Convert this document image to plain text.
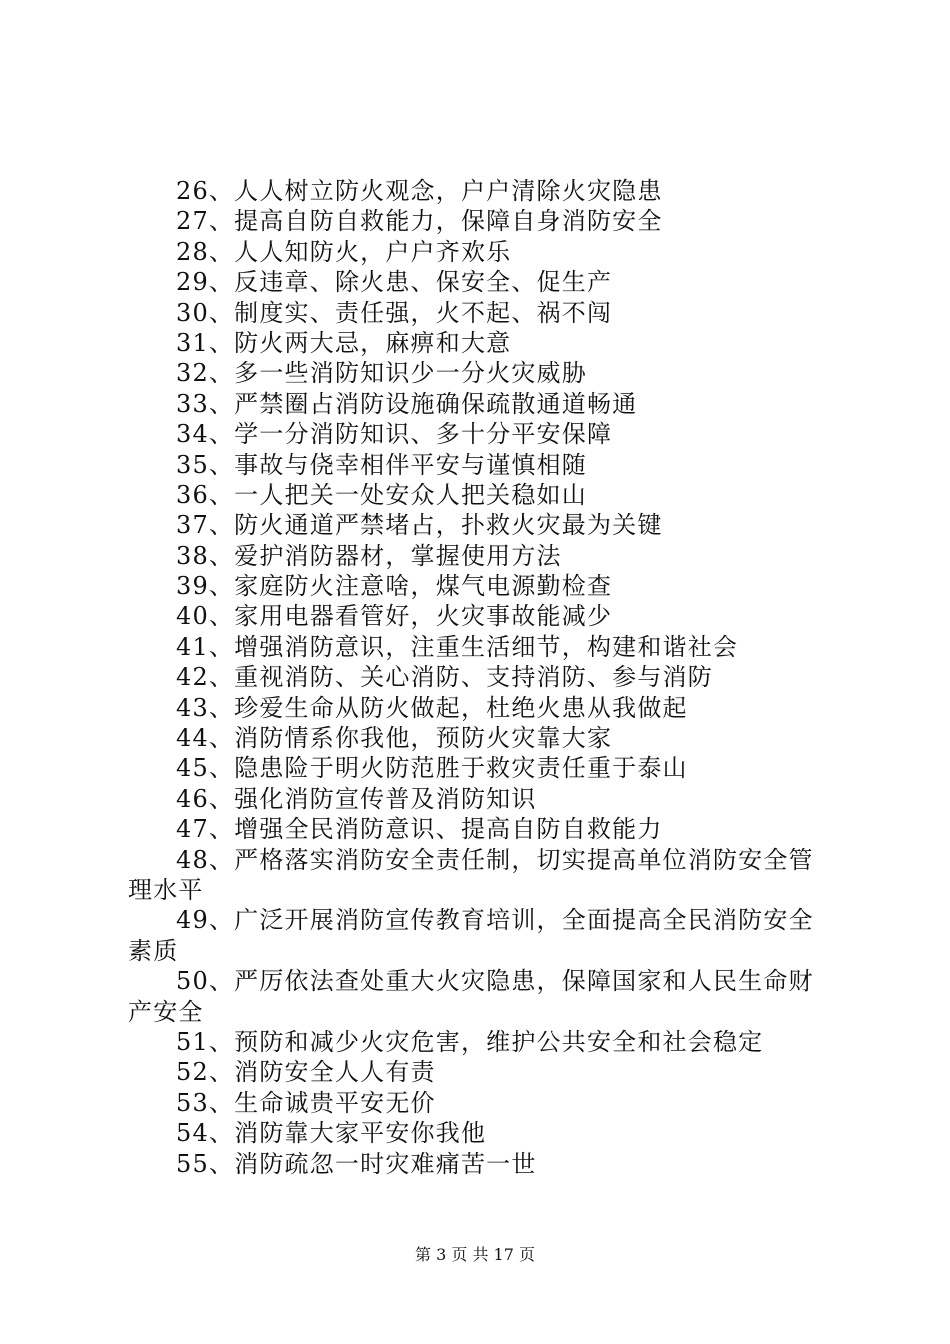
26、人人树立防火观念，户户清除火灾隐患
27、提高自防自救能力，保障自身消防安全
28、人人知防火，户户齐欢乐
29、反违章、除火患、保安全、促生产
30、制度实、责任强，火不起、祸不闯
31、防火两大忌，麻痹和大意
32、多一些消防知识少一分火灾威胁
33、严禁圈占消防设施确保疏散通道畅通
34、学一分消防知识、多十分平安保障
35、事故与侥幸相伴平安与谨慎相随
36、一人把关一处安众人把关稳如山
37、防火通道严禁堵占，扑救火灾最为关键
38、爱护消防器材，掌握使用方法
39、家庭防火注意啥，煤气电源勤检查
40、家用电器看管好，火灾事故能减少
41、增强消防意识，注重生活细节，构建和谐社会
42、重视消防、关心消防、支持消防、参与消防
43、珍爱生命从防火做起，杜绝火患从我做起
44、消防情系你我他，预防火灾靠大家
45、隐患险于明火防范胜于救灾责任重于泰山
46、强化消防宣传普及消防知识
47、增强全民消防意识、提高自防自救能力
48、严格落实消防安全责任制，切实提高单位消防安全管
理水平
49、广泛开展消防宣传教育培训，全面提高全民消防安全
素质
50、严厉依法查处重大火灾隐患，保障国家和人民生命财
产安全
51、预防和减少火灾危害，维护公共安全和社会稳定
52、消防安全人人有责
53、生命诚贵平安无价
54、消防靠大家平安你我他
55、消防疏忽一时灾难痛苦一世
第 3 页 共 17 页
